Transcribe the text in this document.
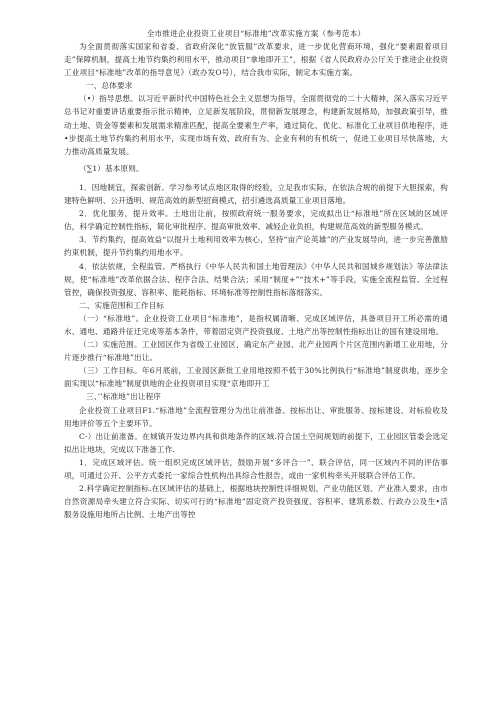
全市推进企业投资工业项目“标准地”改革实施方案（参考范本）

为全面贯彻落实国家和省委、省政府深化“放管服”改革要求，进一步优化营商环境，强化“要素跟着项目走”保障机制，提高土地节约集约利用水平，推动项目“拿地即开工”，根据《省人民政府办公厅关于推进企业投资工业项目“标准地”改革的指导意见》（政办发O号），结合我市实际，制定本实施方案。

一、总体要求

（•）指导思想。以习近平新时代中国特色社会主义思想为指导，全面贯彻党的二十大精神，深入落实习近平总书记对重要讲话重要指示批示精神，立足新发展阶段，贯彻新发展理念，构建新发展格局，加强政策引导，推动土地、资金等要素和发展需求精准匹配，提高全要素生产率，通过简化、优化、标准化工业项目供地程序，进•步提高土地节约集约利用水平，实现市场有效、政府有为、企业有利的有机统一，促进工业项目尽快落地，大力推动高质量发展。

（∑1）基本原则。

1．因地制宜，探索创新。学习参考试点地区取得的经验，立足我市实际，在依法合规的前提下大胆探索，构建特色鲜明、公开透明、规范高效的新型招商模式，招引遴选高质量工业项目落地。

2．优化服务，提升效率。土地出让前，按照政府统一服务要求，完成拟出让“标准地”所在区域的区域评估，科学确定控制性指标，简化审批程序、提高审批效率、减轻企业负担，构建规范高效的新型服务模式。

3．节约集约，提高效益“以提升土地利用效率为核心，坚持“亩产论英雄”的产业发展导向，进一步完善激励约束机制，提升节约集约用地水平。

4．依法依规，全程监管。严格执行《中华人民共和国土地管理法》《中华人民共和国城乡规划法》等法律法规，使“标准地”改革依据合法、程序合法、结果合法；采用“制度+”“技术+”等手段，实施全流程监管、全过程管控，确保投资强度、容积率、能耗指标、环境标准等控制性指标落细落实。

二、实施范围和工作目标

（一）“标准地”。企业投资工业项目“标准地”，是指权属清晰、完成区域评估，具备项目开工所必需的通水、通电、通路并征迁完成等基本条件，带着固定资产投资强度、土地产出等控制性指标出让的国有建设用地。

（二）实施范围。工业园区作为省级工业园区，确定东产业园、北产业园两个片区范围内新增工业用地，分片逐步推行“标准地”出让。

（三）工作目标。年6月底前，工业园区新批工业用地按照不低于30%比例执行“标准地”制度供地，逐步全面实现以“标准地”制度供地的企业投资项目实现“京地即开工

三、’’标准地”出让程序

企业投资工业项目F1.“标准地”全流程管理分为出让前准备、按标出让、审批服务、按标建设、对标验收及用地评价等五个主要环节。

C-）出让前准备。在城镇开发边界内具和供地条件的区域.符合国土空间规划的前提下，工业园区管委会选定拟出让地块，完成以下准备工作.

1．完成区域评估。统一组织完成区域评估，鼓励开展“多评合一”、联合评估，同一区域内不同的评估事项，可通过公开、公平方式委托一家综合性机构出具综合性报告，或由一家机构牵头开展联合评估工作。

2.科学确定控制指标.在区域评估的基础上，根据地块控制性详细规划、产业功能区划、产业准入要求，由市自然资源局牵头建立符合实际、切实可行的“标准地”固定资产投资强度、容积率、建筑系数、行政办公及生•活服务设施用地所占比例、土地产出等控
